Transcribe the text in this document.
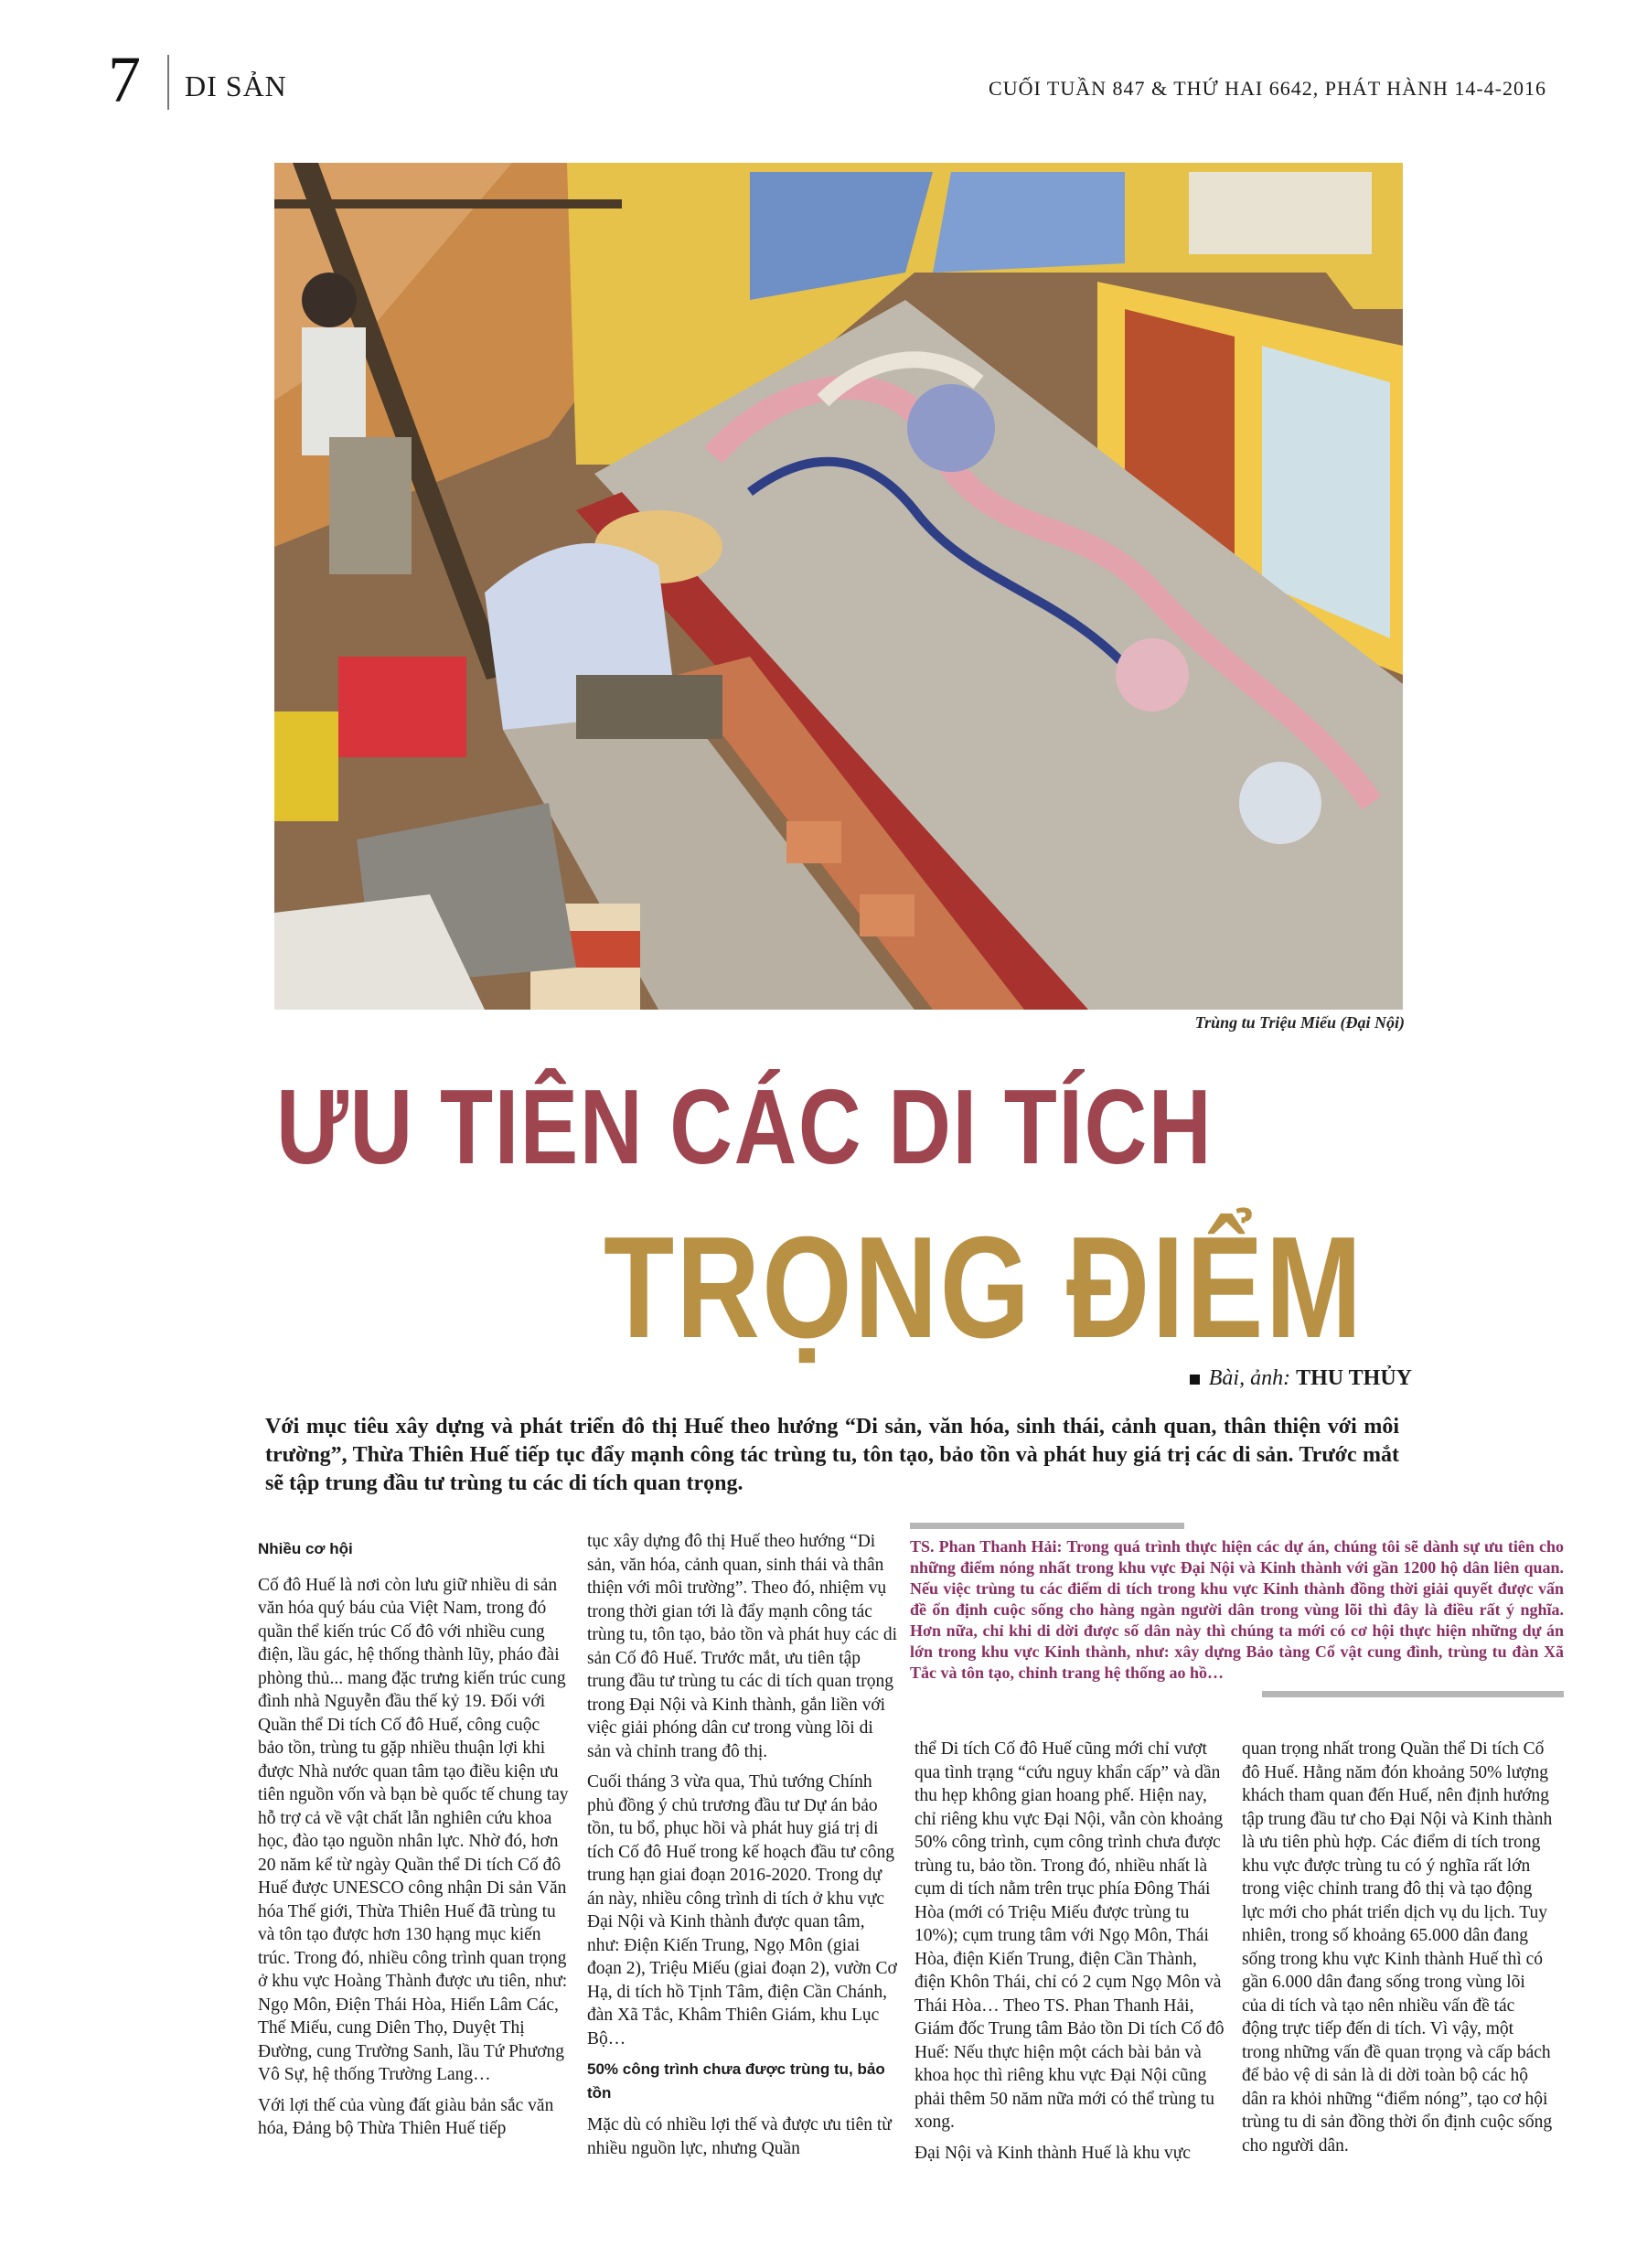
7 DI SẢN	CUỐI TUẦN 847 & THỨ HAI 6642, PHÁT HÀNH 14-4-2016
Trùng tu Triệu Miếu (Đại Nội)
ƯU TIÊN CÁC DI TÍCH
TRỌNG ĐIỂM
Bài, ảnh: THU THỦY
Với mục tiêu xây dựng và phát triển đô thị Huế theo hướng “Di sản, văn hóa, sinh thái, cảnh quan, thân thiện với môi trường”, Thừa Thiên Huế tiếp tục đẩy mạnh công tác trùng tu, tôn tạo, bảo tồn và phát huy giá trị các di sản. Trước mắt sẽ tập trung đầu tư trùng tu các di tích quan trọng.
Nhiều cơ hội

Cố đô Huế là nơi còn lưu giữ nhiều di sản văn hóa quý báu của Việt Nam, trong đó quần thể kiến trúc Cố đô với nhiều cung điện, lầu gác, hệ thống thành lũy, pháo đài phòng thủ... mang đặc trưng kiến trúc cung đình nhà Nguyễn đầu thế kỷ 19. Đối với Quần thể Di tích Cố đô Huế, công cuộc bảo tồn, trùng tu gặp nhiều thuận lợi khi được Nhà nước quan tâm tạo điều kiện ưu tiên nguồn vốn và bạn bè quốc tế chung tay hỗ trợ cả về vật chất lẫn nghiên cứu khoa học, đào tạo nguồn nhân lực. Nhờ đó, hơn 20 năm kể từ ngày Quần thể Di tích Cố đô Huế được UNESCO công nhận Di sản Văn hóa Thế giới, Thừa Thiên Huế đã trùng tu và tôn tạo được hơn 130 hạng mục kiến trúc. Trong đó, nhiều công trình quan trọng ở khu vực Hoàng Thành được ưu tiên, như: Ngọ Môn, Điện Thái Hòa, Hiển Lâm Các, Thế Miếu, cung Diên Thọ, Duyệt Thị Đường, cung Trường Sanh, lầu Tứ Phương Vô Sự, hệ thống Trường Lang…

Với lợi thế của vùng đất giàu bản sắc văn hóa, Đảng bộ Thừa Thiên Huế tiếp

tục xây dựng đô thị Huế theo hướng “Di sản, văn hóa, cảnh quan, sinh thái và thân thiện với môi trường”. Theo đó, nhiệm vụ trong thời gian tới là đẩy mạnh công tác trùng tu, tôn tạo, bảo tồn và phát huy các di sản Cố đô Huế. Trước mắt, ưu tiên tập trung đầu tư trùng tu các di tích quan trọng trong Đại Nội và Kinh thành, gắn liền với việc giải phóng dân cư trong vùng lõi di sản và chỉnh trang đô thị.

Cuối tháng 3 vừa qua, Thủ tướng Chính phủ đồng ý chủ trương đầu tư Dự án bảo tồn, tu bổ, phục hồi và phát huy giá trị di tích Cố đô Huế trong kế hoạch đầu tư công trung hạn giai đoạn 2016-2020. Trong dự án này, nhiều công trình di tích ở khu vực Đại Nội và Kinh thành được quan tâm, như: Điện Kiến Trung, Ngọ Môn (giai đoạn 2), Triệu Miếu (giai đoạn 2), vườn Cơ Hạ, di tích hồ Tịnh Tâm, điện Cần Chánh, đàn Xã Tắc, Khâm Thiên Giám, khu Lục Bộ…

50% công trình chưa được trùng tu, bảo tồn

Mặc dù có nhiều lợi thế và được ưu tiên từ nhiều nguồn lực, nhưng Quần

TS. Phan Thanh Hải: Trong quá trình thực hiện các dự án, chúng tôi sẽ dành sự ưu tiên cho những điểm nóng nhất trong khu vực Đại Nội và Kinh thành với gần 1200 hộ dân liên quan. Nếu việc trùng tu các điểm di tích trong khu vực Kinh thành đồng thời giải quyết được vấn đề ổn định cuộc sống cho hàng ngàn người dân trong vùng lõi thì đây là điều rất ý nghĩa. Hơn nữa, chỉ khi di dời được số dân này thì chúng ta mới có cơ hội thực hiện những dự án lớn trong khu vực Kinh thành, như: xây dựng Bảo tàng Cổ vật cung đình, trùng tu đàn Xã Tắc và tôn tạo, chỉnh trang hệ thống ao hồ…

thể Di tích Cố đô Huế cũng mới chỉ vượt qua tình trạng “cứu nguy khẩn cấp” và dần thu hẹp không gian hoang phế. Hiện nay, chỉ riêng khu vực Đại Nội, vẫn còn khoảng 50% công trình, cụm công trình chưa được trùng tu, bảo tồn. Trong đó, nhiều nhất là cụm di tích nằm trên trục phía Đông Thái Hòa (mới có Triệu Miếu được trùng tu 10%); cụm trung tâm với Ngọ Môn, Thái Hòa, điện Kiến Trung, điện Cần Thành, điện Khôn Thái, chỉ có 2 cụm Ngọ Môn và Thái Hòa… Theo TS. Phan Thanh Hải, Giám đốc Trung tâm Bảo tồn Di tích Cố đô Huế: Nếu thực hiện một cách bài bản và khoa học thì riêng khu vực Đại Nội cũng phải thêm 50 năm nữa mới có thể trùng tu xong.

Đại Nội và Kinh thành Huế là khu vực

quan trọng nhất trong Quần thể Di tích Cố đô Huế. Hằng năm đón khoảng 50% lượng khách tham quan đến Huế, nên định hướng tập trung đầu tư cho Đại Nội và Kinh thành là ưu tiên phù hợp. Các điểm di tích trong khu vực được trùng tu có ý nghĩa rất lớn trong việc chỉnh trang đô thị và tạo động lực mới cho phát triển dịch vụ du lịch. Tuy nhiên, trong số khoảng 65.000 dân đang sống trong khu vực Kinh thành Huế thì có gần 6.000 dân đang sống trong vùng lõi của di tích và tạo nên nhiều vấn đề tác động trực tiếp đến di tích. Vì vậy, một trong những vấn đề quan trọng và cấp bách để bảo vệ di sản là di dời toàn bộ các hộ dân ra khỏi những “điểm nóng”, tạo cơ hội trùng tu di sản đồng thời ổn định cuộc sống cho người dân.
